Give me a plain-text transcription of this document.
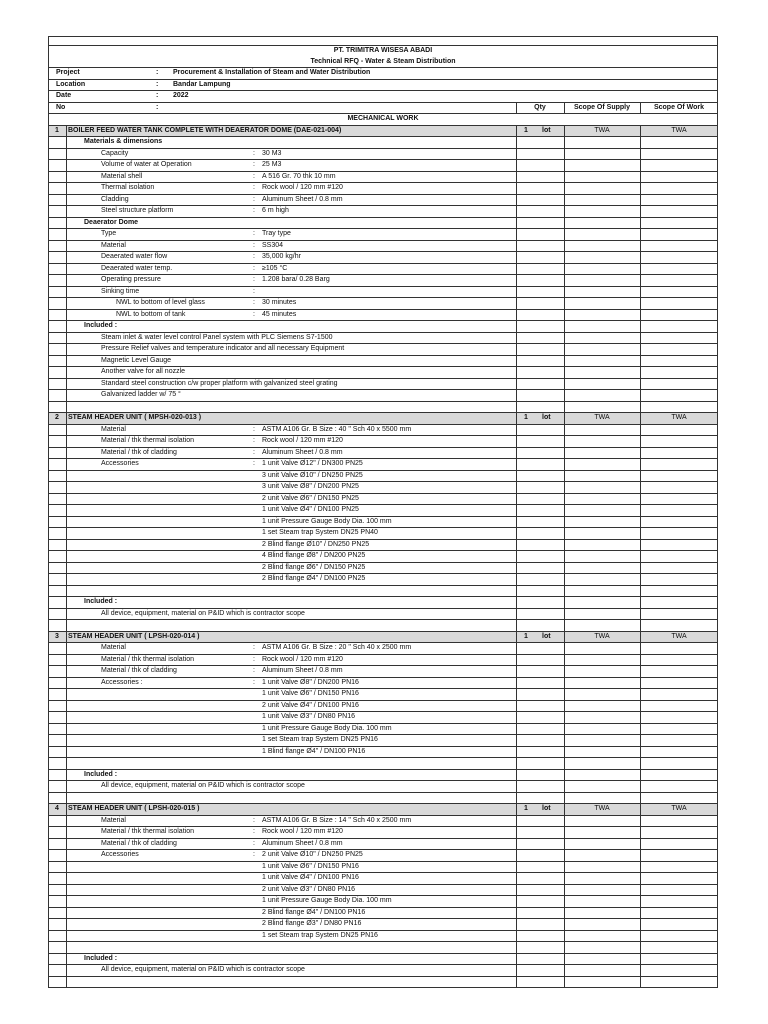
PT. TRIMITRA WISESA ABADI
Technical RFQ - Water & Steam Distribution
Project	: Procurement & Installation of Steam and Water Distribution
Location	: Bandar Lampung
Date	: 2022
No	:	Qty	Scope Of Supply	Scope Of Work
MECHANICAL WORK
1	BOILER FEED WATER TANK COMPLETE WITH DEAERATOR DOME (DAE-021-004)	1 lot	TWA	TWA
Materials & dimensions
Capacity	: 30 M3
Volume of water at Operation	: 25 M3
Material shell	: A 516 Gr. 70 thk 10 mm
Thermal isolation	: Rock wool / 120 mm #120
Cladding	: Aluminum Sheet / 0.8 mm
Steel structure platform	: 6 m high
Deaerator Dome
Type	: Tray type
Material	: SS304
Deaerated water flow	: 35,000 kg/hr
Deaerated water temp.	: ≥105 °C
Operating pressure	: 1.208 bara/ 0.28 Barg
Sinking time	:
NWL to bottom of level glass	: 30 minutes
NWL to bottom of tank	: 45 minutes
Included :
Steam inlet & water level control Panel system with PLC Siemens S7-1500
Pressure Relief valves and temperature indicator and all necessary Equipment
Magnetic Level Gauge
Another valve for all nozzle
Standard steel construction c/w proper platform with galvanized steel grating
Galvanized ladder w/ 75 °
2	STEAM HEADER UNIT ( MPSH-020-013 )	1 lot	TWA	TWA
Material	: ASTM A106 Gr. B Size : 40 " Sch 40 x 5500 mm
Material / thk thermal isolation	: Rock wool / 120 mm #120
Material / thk of cladding	: Aluminum Sheet / 0.8 mm
Accessories	: 1 unit Valve Ø12" / DN300 PN25
3 unit Valve Ø10" / DN250 PN25
3 unit Valve Ø8" / DN200 PN25
2 unit Valve Ø6" / DN150 PN25
1 unit Valve Ø4" / DN100 PN25
1 unit Pressure Gauge Body Dia. 100 mm
1 set Steam trap System DN25 PN40
2 Blind flange Ø10" / DN250 PN25
4 Blind flange Ø8" / DN200 PN25
2 Blind flange Ø6" / DN150 PN25
2 Blind flange Ø4" / DN100 PN25
Included :
All device, equipment, material on P&ID which is contractor scope
3	STEAM HEADER UNIT ( LPSH-020-014 )	1 lot	TWA	TWA
Material	: ASTM A106 Gr. B Size : 20 " Sch 40 x 2500 mm
Material / thk thermal isolation	: Rock wool / 120 mm #120
Material / thk of cladding	: Aluminum Sheet / 0.8 mm
Accessories :	: 1 unit Valve Ø8" / DN200 PN16
1 unit Valve Ø6" / DN150 PN16
2 unit Valve Ø4" / DN100 PN16
1 unit Valve Ø3" / DN80 PN16
1 unit Pressure Gauge Body Dia. 100 mm
1 set Steam trap System DN25 PN16
1 Blind flange Ø4" / DN100 PN16
Included :
All device, equipment, material on P&ID which is contractor scope
4	STEAM HEADER UNIT ( LPSH-020-015 )	1 lot	TWA	TWA
Material	: ASTM A106 Gr. B Size : 14 " Sch 40 x 2500 mm
Material / thk thermal isolation	: Rock wool / 120 mm #120
Material / thk of cladding	: Aluminum Sheet / 0.8 mm
Accessories	: 2 unit Valve Ø10" / DN250 PN25
1 unit Valve Ø6" / DN150 PN16
1 unit Valve Ø4" / DN100 PN16
2 unit Valve Ø3" / DN80 PN16
1 unit Pressure Gauge Body Dia. 100 mm
2 Blind flange Ø4" / DN100 PN16
2 Blind flange Ø3" / DN80 PN16
1 set Steam trap System DN25 PN16
Included :
All device, equipment, material on P&ID which is contractor scope
